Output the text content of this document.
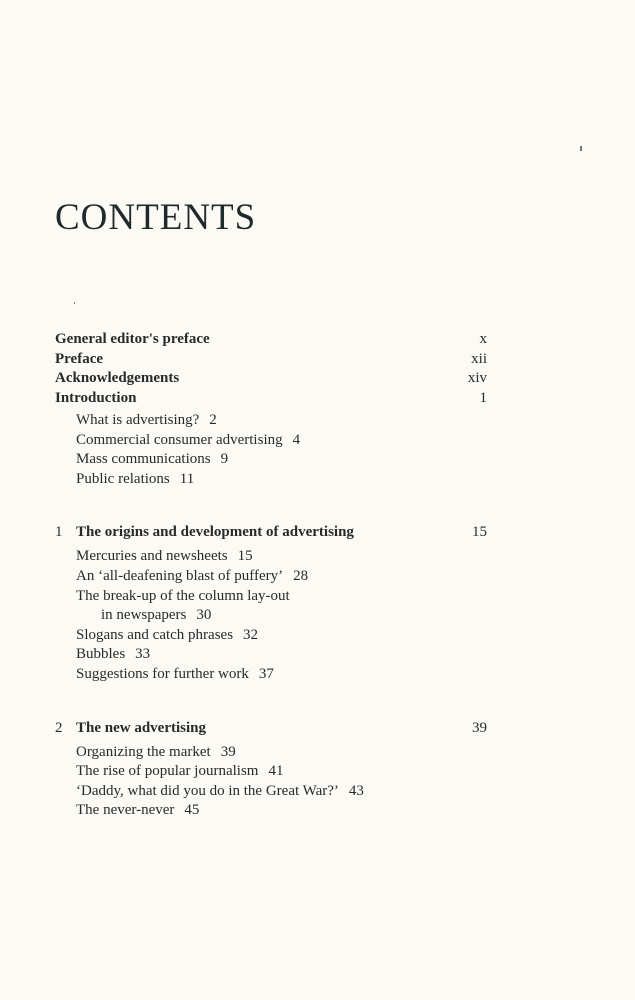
CONTENTS
General editor's preface	x
Preface	xii
Acknowledgements	xiv
Introduction	1
What is advertising? 2
Commercial consumer advertising 4
Mass communications 9
Public relations 11
1 The origins and development of advertising	15
Mercuries and newsheets 15
An ‘all-deafening blast of puffery’ 28
The break-up of the column lay-out
in newspapers 30
Slogans and catch phrases 32
Bubbles 33
Suggestions for further work 37
2 The new advertising	39
Organizing the market 39
The rise of popular journalism 41
‘Daddy, what did you do in the Great War?’ 43
The never-never 45
